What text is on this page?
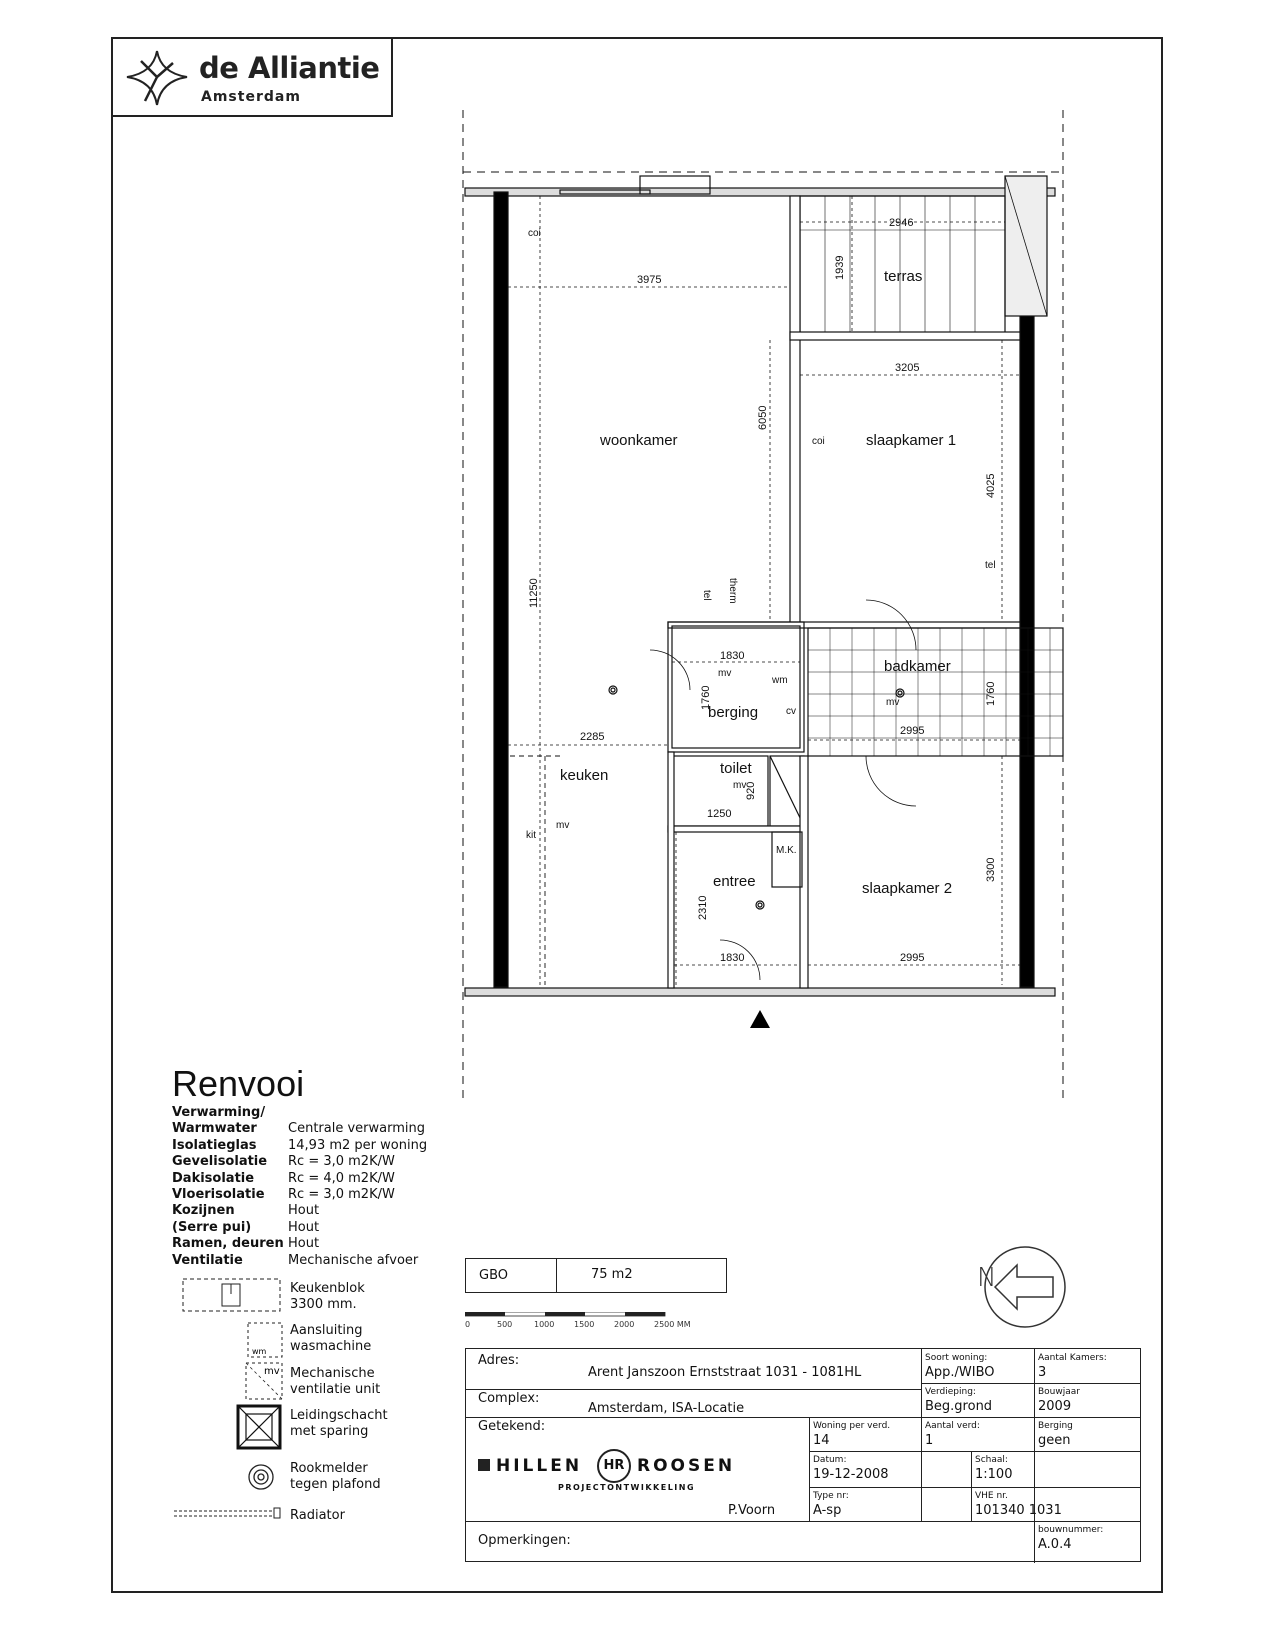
de Alliantie
Amsterdam
woonkamer
terras
slaapkamer 1
slaapkamer 2
berging
badkamer
keuken	toilet
entree
3975
2946
1939
3205
4025
6050
11250
1830
1760
2995
1760
2285
1250
920
2310
1830	2995
3300
coi
coi
tel
tel therm
mv
mv
mv
mv
wm
cv
M.K.
kit
Renvooi
Verwarming/
Warmwater	Centrale verwarming
Isolatieglas	14,93 m2 per woning
Gevelisolatie	Rc = 3,0 m2K/W
Dakisolatie	Rc = 4,0 m2K/W
Vloerisolatie	Rc = 3,0 m2K/W
Kozijnen	Hout
(Serre pui)	Hout
Ramen, deuren Hout
Ventilatie	Mechanische afvoer
Keukenblok
3300 mm.
wm
Aansluiting
wasmachine
mv Mechanische
ventilatie unit
Leidingschacht
met sparing
Rookmelder
tegen plafond
Radiator
GBO	75 m2
0	500	1000 1500 2000 2500 MM
N
Adres:
Arent Janszoon Ernststraat 1031 - 1081HL
Complex:
Amsterdam, ISA-Locatie
Getekend:
HILLEN HR ROOSEN
PROJECTONTWIKKELING
P.Voorn
Opmerkingen:
Soort woning:
App./WIBO
Aantal Kamers:
3
Verdieping:
Beg.grond
Bouwjaar
2009
Woning per verd.
14
Aantal verd:
1
Berging
geen
Datum:
19-12-2008
Schaal:
1:100
Type nr:
A-sp
VHE nr.
101340 1031
bouwnummer:
A.0.4
